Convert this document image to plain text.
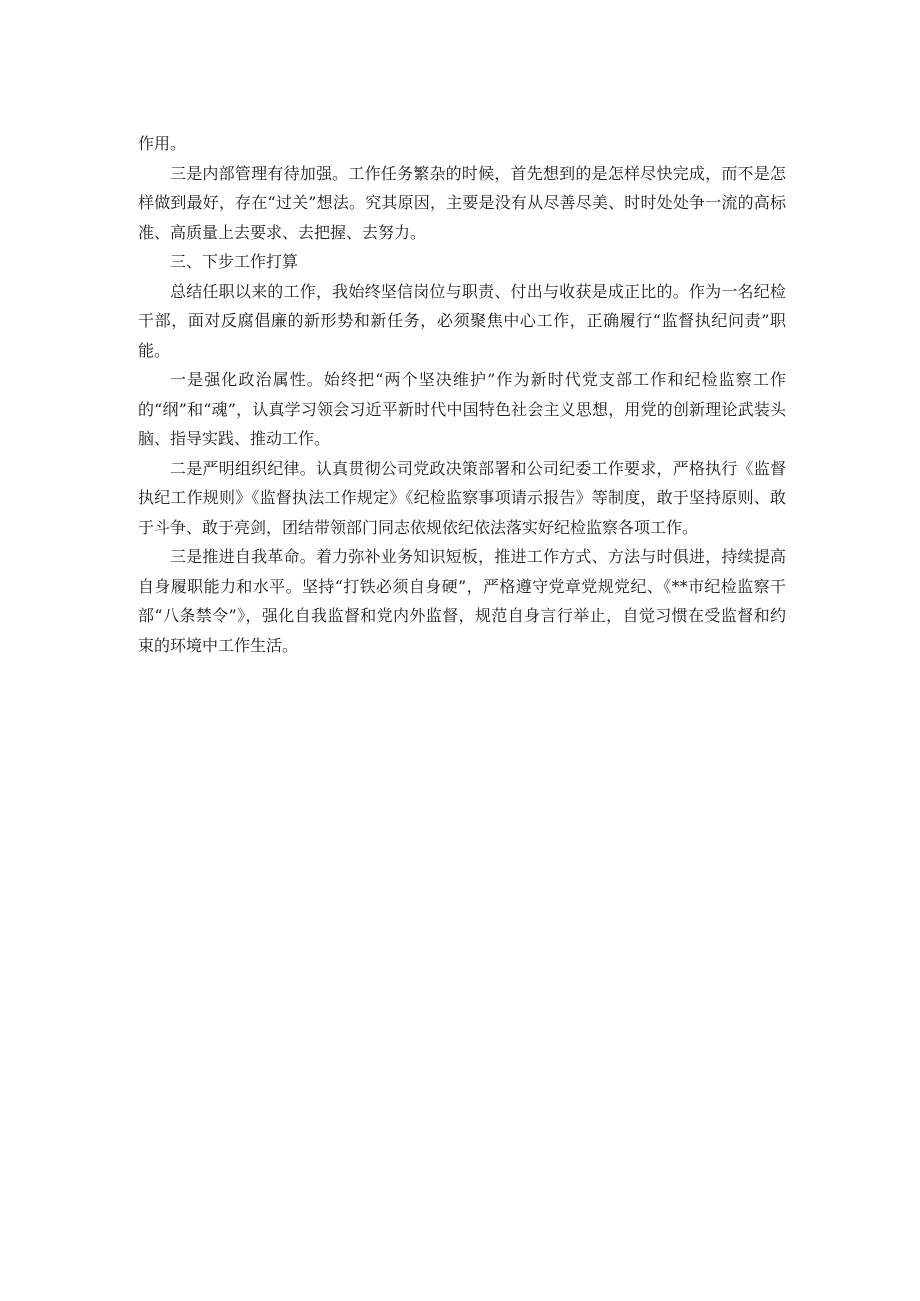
作用。

三是内部管理有待加强。工作任务繁杂的时候，首先想到的是怎样尽快完成，而不是怎样做到最好，存在“过关”想法。究其原因，主要是没有从尽善尽美、时时处处争一流的高标准、高质量上去要求、去把握、去努力。

三、下步工作打算

总结任职以来的工作，我始终坚信岗位与职责、付出与收获是成正比的。作为一名纪检干部，面对反腐倡廉的新形势和新任务，必须聚焦中心工作，正确履行“监督执纪问责”职能。

一是强化政治属性。始终把“两个坚决维护”作为新时代党支部工作和纪检监察工作的“纲”和“魂”，认真学习领会习近平新时代中国特色社会主义思想，用党的创新理论武装头脑、指导实践、推动工作。

二是严明组织纪律。认真贯彻公司党政决策部署和公司纪委工作要求，严格执行《监督执纪工作规则》《监督执法工作规定》《纪检监察事项请示报告》等制度，敢于坚持原则、敢于斗争、敢于亮剑，团结带领部门同志依规依纪依法落实好纪检监察各项工作。

三是推进自我革命。着力弥补业务知识短板，推进工作方式、方法与时俱进，持续提高自身履职能力和水平。坚持“打铁必须自身硬”，严格遵守党章党规党纪、《**市纪检监察干部“八条禁令”》，强化自我监督和党内外监督，规范自身言行举止，自觉习惯在受监督和约束的环境中工作生活。
